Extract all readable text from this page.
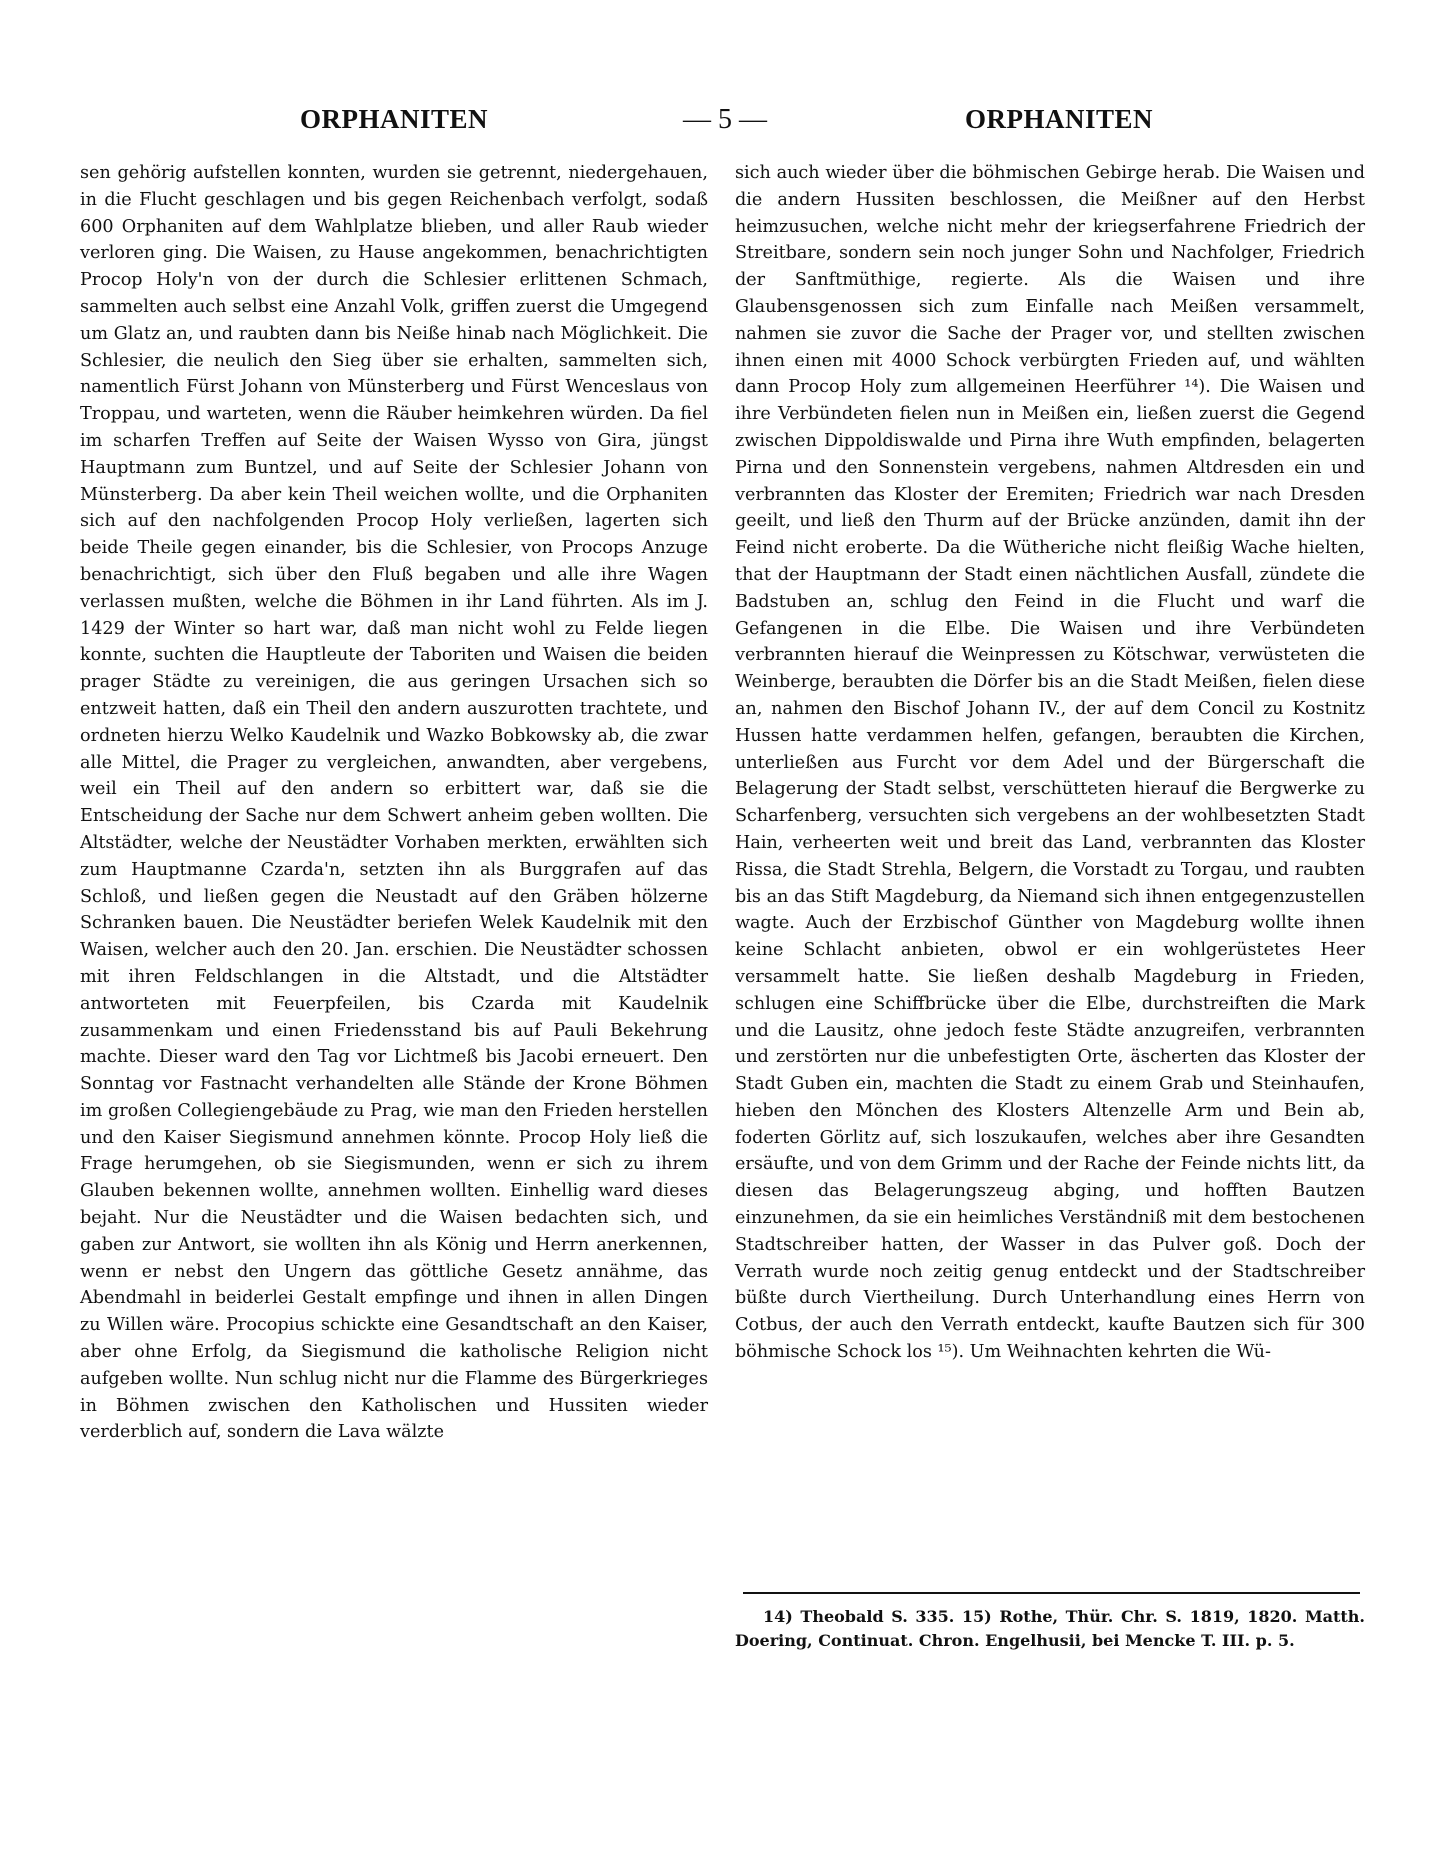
ORPHANITEN	— 5 —	ORPHANITEN

sen gehörig aufstellen konnten, wurden sie getrennt, niedergehauen, in die Flucht geschlagen und bis gegen Reichenbach verfolgt, sodaß 600 Orphaniten auf dem Wahlplatze blieben, und aller Raub wieder verloren ging. Die Waisen, zu Hause angekommen, benachrichtigten Procop Holy'n von der durch die Schlesier erlittenen Schmach, sammelten auch selbst eine Anzahl Volk, griffen zuerst die Umgegend um Glatz an, und raubten dann bis Neiße hinab nach Möglichkeit. Die Schlesier, die neulich den Sieg über sie erhalten, sammelten sich, namentlich Fürst Johann von Münsterberg und Fürst Wenceslaus von Troppau, und warteten, wenn die Räuber heimkehren würden. Da fiel im scharfen Treffen auf Seite der Waisen Wysso von Gira, jüngst Hauptmann zum Buntzel, und auf Seite der Schlesier Johann von Münsterberg. Da aber kein Theil weichen wollte, und die Orphaniten sich auf den nachfolgenden Procop Holy verließen, lagerten sich beide Theile gegen einander, bis die Schlesier, von Procops Anzuge benachrichtigt, sich über den Fluß begaben und alle ihre Wagen verlassen mußten, welche die Böhmen in ihr Land führten. Als im J. 1429 der Winter so hart war, daß man nicht wohl zu Felde liegen konnte, suchten die Hauptleute der Taboriten und Waisen die beiden prager Städte zu vereinigen, die aus geringen Ursachen sich so entzweit hatten, daß ein Theil den andern auszurotten trachtete, und ordneten hierzu Welko Kaudelnik und Wazko Bobkowsky ab, die zwar alle Mittel, die Prager zu vergleichen, anwandten, aber vergebens, weil ein Theil auf den andern so erbittert war, daß sie die Entscheidung der Sache nur dem Schwert anheim geben wollten. Die Altstädter, welche der Neustädter Vorhaben merkten, erwählten sich zum Hauptmanne Czarda'n, setzten ihn als Burggrafen auf das Schloß, und ließen gegen die Neustadt auf den Gräben hölzerne Schranken bauen. Die Neustädter beriefen Welek Kaudelnik mit den Waisen, welcher auch den 20. Jan. erschien. Die Neustädter schossen mit ihren Feldschlangen in die Altstadt, und die Altstädter antworteten mit Feuerpfeilen, bis Czarda mit Kaudelnik zusammenkam und einen Friedensstand bis auf Pauli Bekehrung machte. Dieser ward den Tag vor Lichtmeß bis Jacobi erneuert. Den Sonntag vor Fastnacht verhandelten alle Stände der Krone Böhmen im großen Collegiengebäude zu Prag, wie man den Frieden herstellen und den Kaiser Siegismund annehmen könnte. Procop Holy ließ die Frage herumgehen, ob sie Siegismunden, wenn er sich zu ihrem Glauben bekennen wollte, annehmen wollten. Einhellig ward dieses bejaht. Nur die Neustädter und die Waisen bedachten sich, und gaben zur Antwort, sie wollten ihn als König und Herrn anerkennen, wenn er nebst den Ungern das göttliche Gesetz annähme, das Abendmahl in beiderlei Gestalt empfinge und ihnen in allen Dingen zu Willen wäre. Procopius schickte eine Gesandtschaft an den Kaiser, aber ohne Erfolg, da Siegismund die katholische Religion nicht aufgeben wollte. Nun schlug nicht nur die Flamme des Bürgerkrieges in Böhmen zwischen den Katholischen und Hussiten wieder verderblich auf, sondern die Lava wälzte

sich auch wieder über die böhmischen Gebirge herab. Die Waisen und die andern Hussiten beschlossen, die Meißner auf den Herbst heimzusuchen, welche nicht mehr der kriegserfahrene Friedrich der Streitbare, sondern sein noch junger Sohn und Nachfolger, Friedrich der Sanftmüthige, regierte. Als die Waisen und ihre Glaubensgenossen sich zum Einfalle nach Meißen versammelt, nahmen sie zuvor die Sache der Prager vor, und stellten zwischen ihnen einen mit 4000 Schock verbürgten Frieden auf, und wählten dann Procop Holy zum allgemeinen Heerführer ¹⁴). Die Waisen und ihre Verbündeten fielen nun in Meißen ein, ließen zuerst die Gegend zwischen Dippoldiswalde und Pirna ihre Wuth empfinden, belagerten Pirna und den Sonnenstein vergebens, nahmen Altdresden ein und verbrannten das Kloster der Eremiten; Friedrich war nach Dresden geeilt, und ließ den Thurm auf der Brücke anzünden, damit ihn der Feind nicht eroberte. Da die Wütheriche nicht fleißig Wache hielten, that der Hauptmann der Stadt einen nächtlichen Ausfall, zündete die Badstuben an, schlug den Feind in die Flucht und warf die Gefangenen in die Elbe. Die Waisen und ihre Verbündeten verbrannten hierauf die Weinpressen zu Kötschwar, verwüsteten die Weinberge, beraubten die Dörfer bis an die Stadt Meißen, fielen diese an, nahmen den Bischof Johann IV., der auf dem Concil zu Kostnitz Hussen hatte verdammen helfen, gefangen, beraubten die Kirchen, unterließen aus Furcht vor dem Adel und der Bürgerschaft die Belagerung der Stadt selbst, verschütteten hierauf die Bergwerke zu Scharfenberg, versuchten sich vergebens an der wohlbesetzten Stadt Hain, verheerten weit und breit das Land, verbrannten das Kloster Rissa, die Stadt Strehla, Belgern, die Vorstadt zu Torgau, und raubten bis an das Stift Magdeburg, da Niemand sich ihnen entgegenzustellen wagte. Auch der Erzbischof Günther von Magdeburg wollte ihnen keine Schlacht anbieten, obwol er ein wohlgerüstetes Heer versammelt hatte. Sie ließen deshalb Magdeburg in Frieden, schlugen eine Schiffbrücke über die Elbe, durchstreiften die Mark und die Lausitz, ohne jedoch feste Städte anzugreifen, verbrannten und zerstörten nur die unbefestigten Orte, äscherten das Kloster der Stadt Guben ein, machten die Stadt zu einem Grab und Steinhaufen, hieben den Mönchen des Klosters Altenzelle Arm und Bein ab, foderten Görlitz auf, sich loszukaufen, welches aber ihre Gesandten ersäufte, und von dem Grimm und der Rache der Feinde nichts litt, da diesen das Belagerungszeug abging, und hofften Bautzen einzunehmen, da sie ein heimliches Verständniß mit dem bestochenen Stadtschreiber hatten, der Wasser in das Pulver goß. Doch der Verrath wurde noch zeitig genug entdeckt und der Stadtschreiber büßte durch Viertheilung. Durch Unterhandlung eines Herrn von Cotbus, der auch den Verrath entdeckt, kaufte Bautzen sich für 300 böhmische Schock los ¹⁵). Um Weihnachten kehrten die Wü-

14) Theobald S. 335. 15) Rothe, Thür. Chr. S. 1819, 1820. Matth. Doering, Continuat. Chron. Engelhusii, bei Mencke T. III. p. 5.
